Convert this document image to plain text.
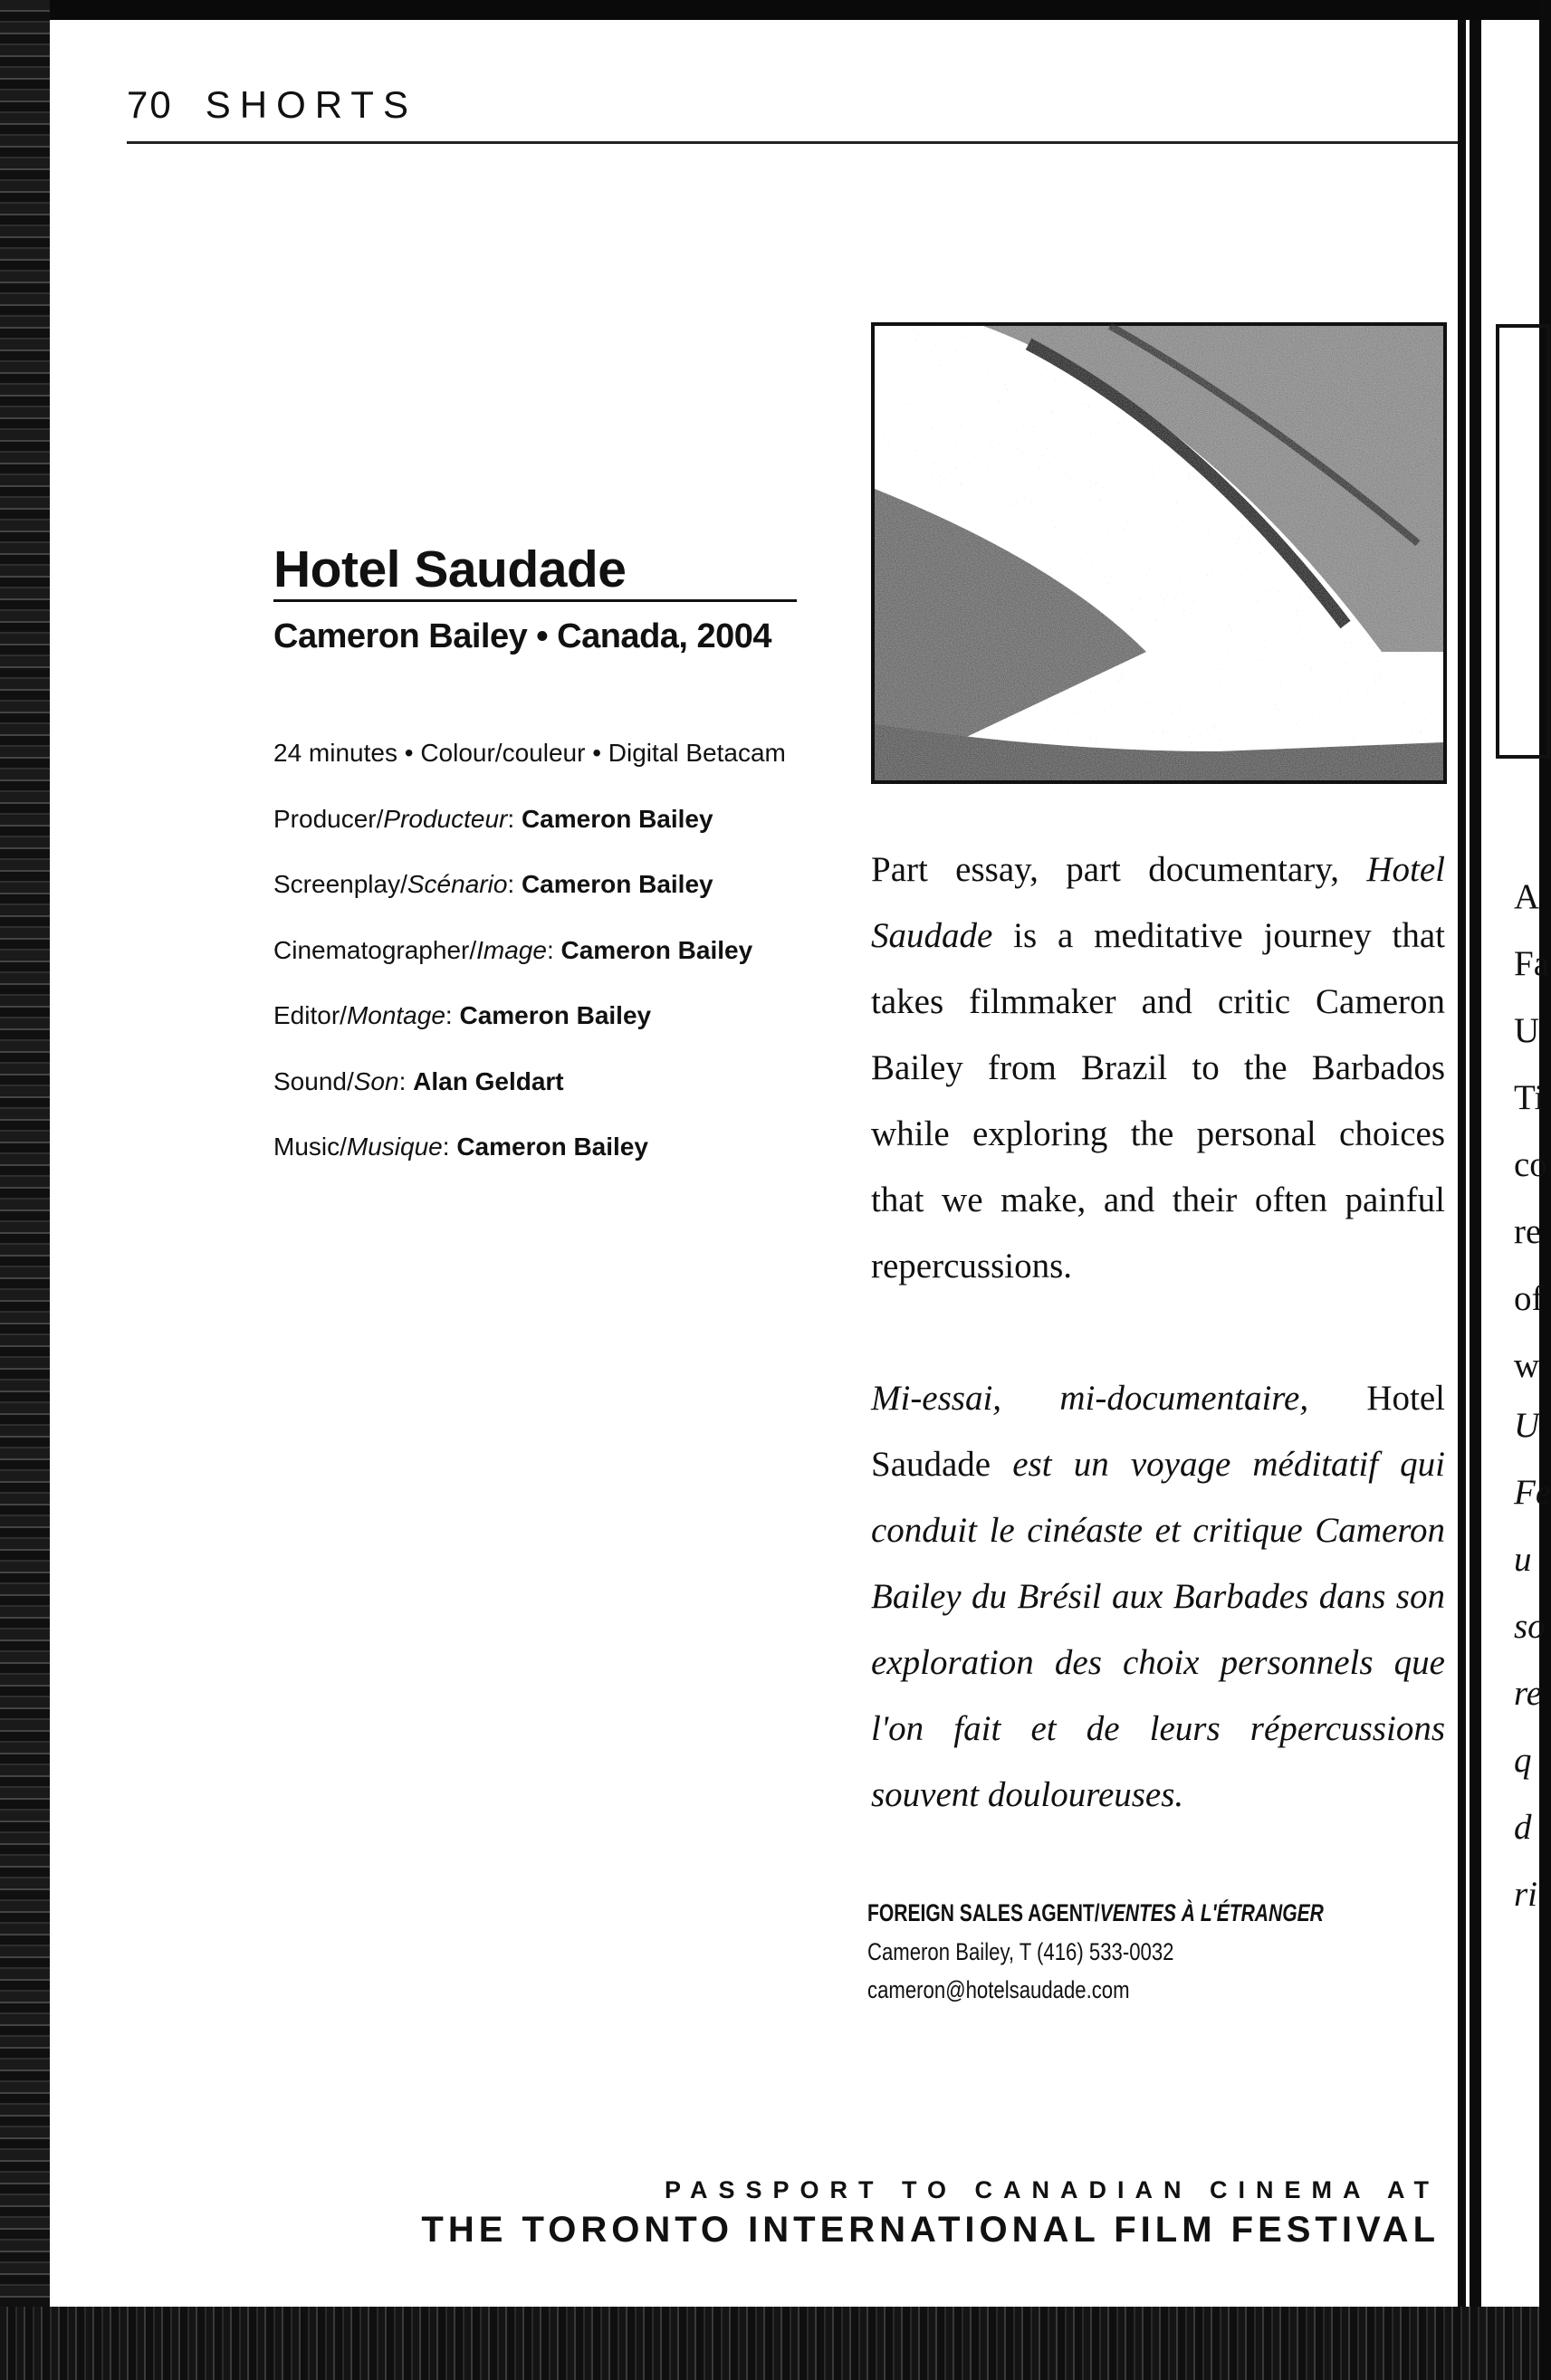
A
Fa
U
Ti
co
re
of
w
U
Fe
u
so
re
q
d
ri
70 SHORTS
Hotel Saudade
Cameron Bailey • Canada, 2004
24 minutes • Colour/couleur • Digital Betacam
Producer/Producteur: Cameron Bailey
Screenplay/Scénario: Cameron Bailey
Cinematographer/Image: Cameron Bailey
Editor/Montage: Cameron Bailey
Sound/Son: Alan Geldart
Music/Musique: Cameron Bailey
Part essay, part documentary, Hotel Saudade is a meditative journey that takes filmmaker and critic Cameron Bailey from Brazil to the Barbados while exploring the personal choices that we make, and their often painful repercussions.
Mi-essai, mi-documentaire, Hotel Saudade est un voyage méditatif qui conduit le cinéaste et critique Cameron Bailey du Brésil aux Barbades dans son exploration des choix personnels que l'on fait et de leurs répercussions souvent douloureuses.
FOREIGN SALES AGENT/VENTES À L'ÉTRANGER
Cameron Bailey, T (416) 533-0032
cameron@hotelsaudade.com
PASSPORT TO CANADIAN CINEMA AT
THE TORONTO INTERNATIONAL FILM FESTIVAL
